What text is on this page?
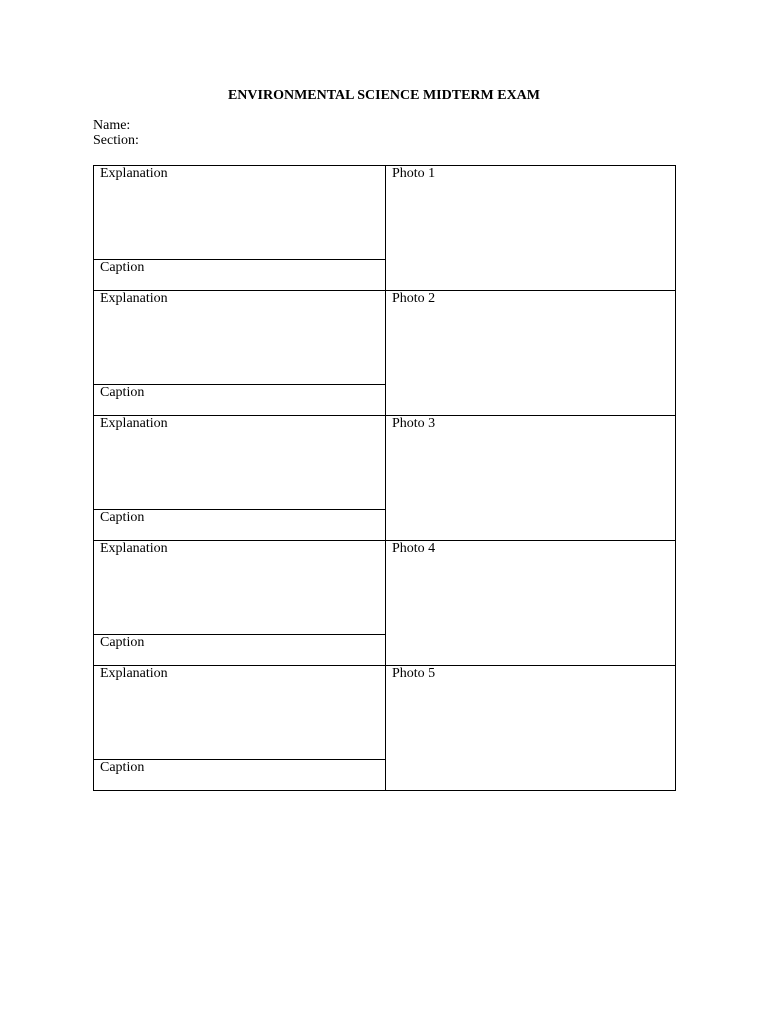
ENVIRONMENTAL SCIENCE MIDTERM EXAM
Name:
Section:
Explanation	Photo 1

Caption	

Explanation	Photo 2

Caption	

Explanation	Photo 3

Caption	

Explanation	Photo 4

Caption	

Explanation	Photo 5

Caption	
